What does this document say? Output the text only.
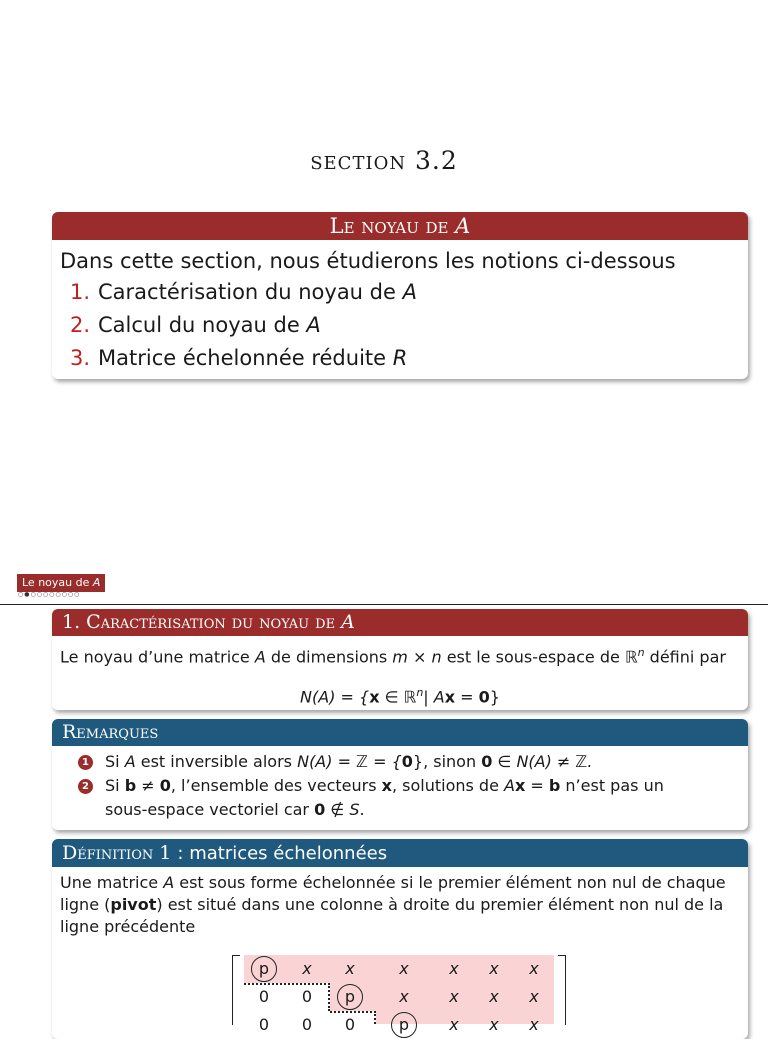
section 3.2
Le noyau de A
Dans cette section, nous étudierons les notions ci-dessous
1. Caractérisation du noyau de A
2. Calcul du noyau de A
3. Matrice échelonnée réduite R
Le noyau de A
○●○○○○○○○○
1. Caractérisation du noyau de A
Le noyau d’une matrice A de dimensions m × n est le sous-espace de ℝ$^n$ défini par
N(A) = {x ∈ ℝ$^n$| Ax = 0}
Remarques
1 Si A est inversible alors N(A) = ℤ = {0}, sinon 0 ∈ N(A) ≠ ℤ.
2 Si b ≠ 0, l’ensemble des vecteurs x, solutions de Ax = b n’est pas un
sous-espace vectoriel car 0 ∉ S.
Définition 1 : matrices échelonnées
Une matrice A est sous forme échelonnée si le premier élément non nul de chaque
ligne (pivot) est situé dans une colonne à droite du premier élément non nul de la
ligne précédente
p	x	x	x	x	x	x
0	0	p	x	x	x	x
0	0	0	p	x	x	x
